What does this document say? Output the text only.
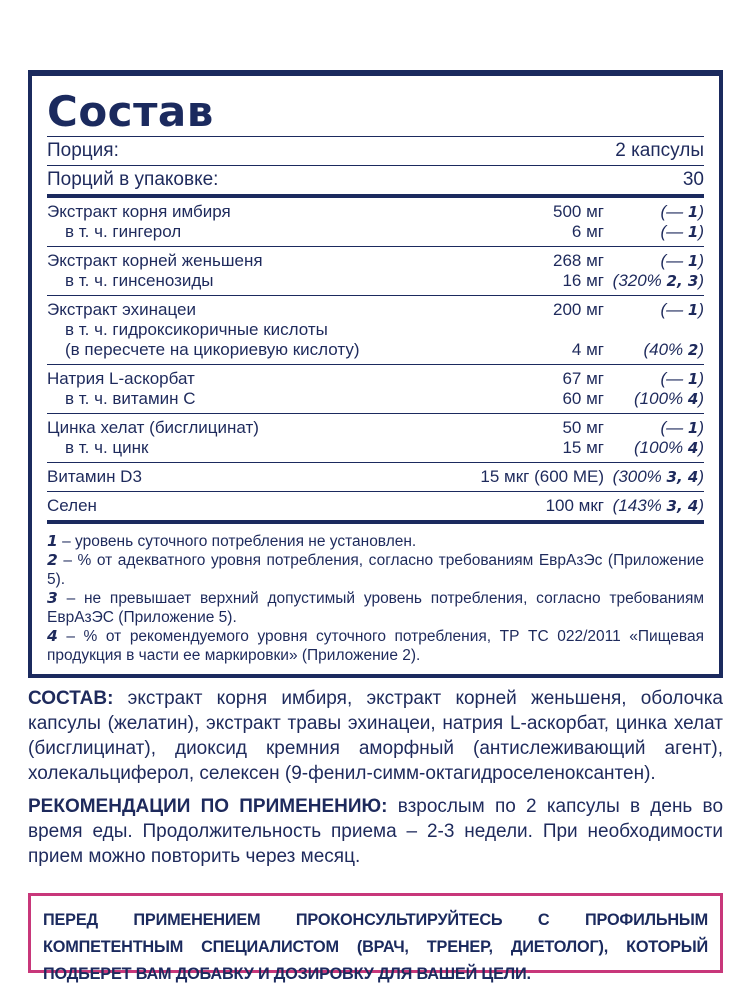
Состав
Порция:	2 капсулы
Порций в упаковке:	30
Экстракт корня имбиря	500 мг	(— 1)
в т. ч. гингерол	6 мг	(— 1)
Экстракт корней женьшеня	268 мг	(— 1)
в т. ч. гинсенозиды	16 мг (320% 2, 3)
Экстракт эхинацеи	200 мг	(— 1)
в т. ч. гидроксикоричные кислоты
(в пересчете на цикориевую кислоту)	4 мг	(40% 2)
Натрия L-аскорбат	67 мг	(— 1)
в т. ч. витамин С	60 мг	(100% 4)
Цинка хелат (бисглицинат)	50 мг	(— 1)
в т. ч. цинк	15 мг	(100% 4)
Витамин D3	15 мкг (600 МЕ) (300% 3, 4)
Селен	100 мкг (143% 3, 4)
1 – уровень суточного потребления не установлен.
2 – % от адекватного уровня потребления, согласно требованиям ЕврАзЭс (Приложение 5).
3 – не превышает верхний допустимый уровень потребления, согласно требованиям ЕврАзЭС (Приложение 5).
4 – % от рекомендуемого уровня суточного потребления, ТР ТС 022/2011 «Пищевая продукция в части ее маркировки» (Приложение 2).
СОСТАВ: экстракт корня имбиря, экстракт корней женьшеня, оболочка капсулы (желатин), экстракт травы эхинацеи, натрия L-аскорбат, цинка хелат (бисглицинат), диоксид кремния аморфный (антислеживающий агент), холекальциферол, селексен (9-фенил-симм-октагидроселеноксантен).
РЕКОМЕНДАЦИИ ПО ПРИМЕНЕНИЮ: взрослым по 2 капсулы в день во время еды. Продолжительность приема – 2-3 недели. При необходимости прием можно повторить через месяц.
ПЕРЕД ПРИМЕНЕНИЕМ ПРОКОНСУЛЬТИРУЙТЕСЬ С ПРОФИЛЬНЫМ КОМПЕТЕНТНЫМ СПЕЦИАЛИСТОМ (ВРАЧ, ТРЕНЕР, ДИЕТОЛОГ), КОТОРЫЙ ПОДБЕРЕТ ВАМ ДОБАВКУ И ДОЗИРОВКУ ДЛЯ ВАШЕЙ ЦЕЛИ.
